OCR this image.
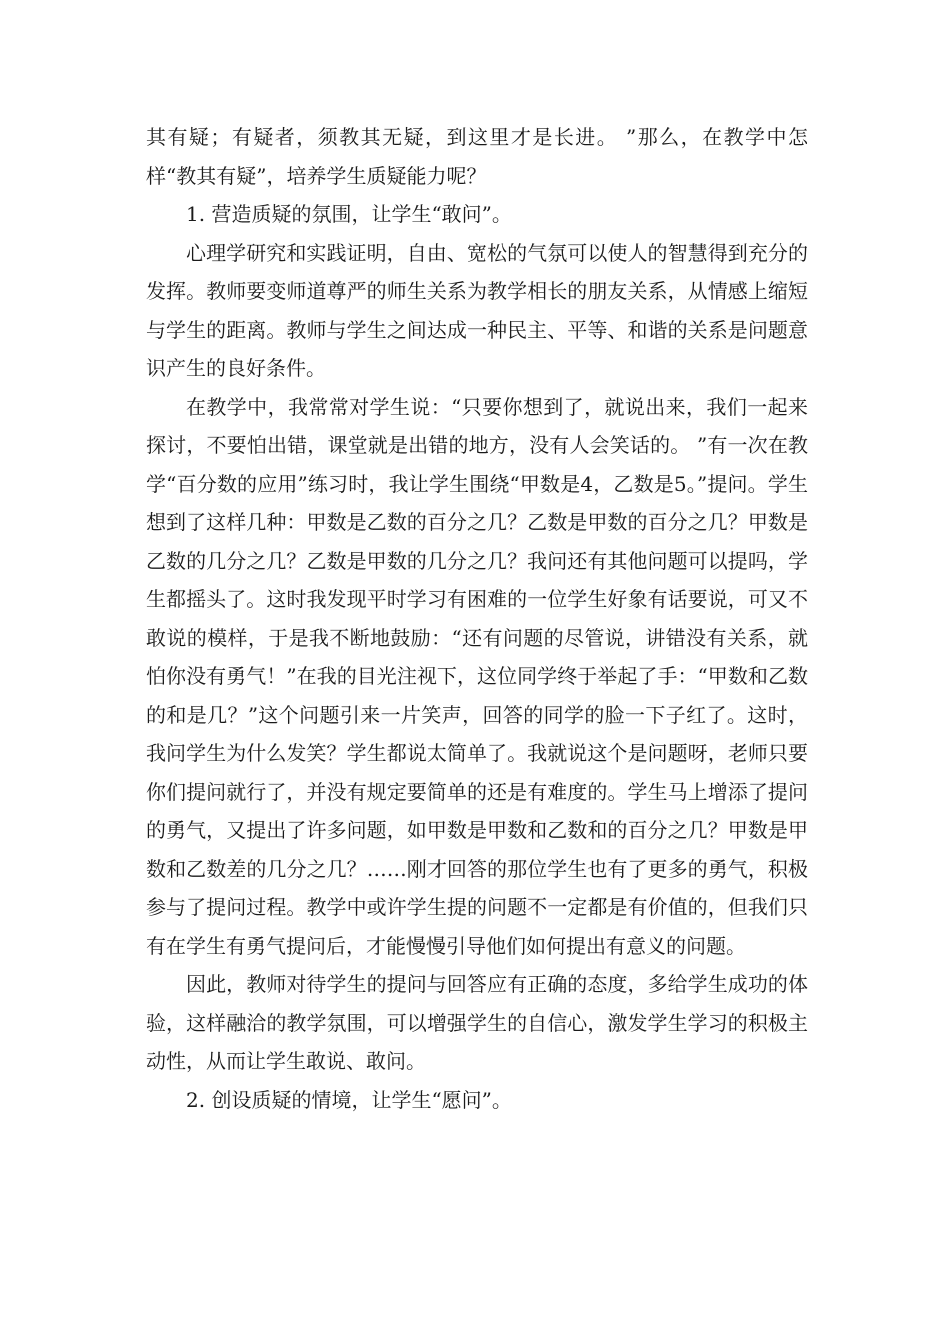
其有疑；有疑者，须教其无疑，到这里才是长进。 ”那么，在教学中怎样“教其有疑”，培养学生质疑能力呢？

1. 营造质疑的氛围，让学生“敢问”。

心理学研究和实践证明，自由、宽松的气氛可以使人的智慧得到充分的发挥。教师要变师道尊严的师生关系为教学相长的朋友关系，从情感上缩短与学生的距离。教师与学生之间达成一种民主、平等、和谐的关系是问题意识产生的良好条件。

在教学中，我常常对学生说：“只要你想到了，就说出来，我们一起来探讨，不要怕出错，课堂就是出错的地方，没有人会笑话的。 ”有一次在教学“百分数的应用”练习时，我让学生围绕“甲数是4，乙数是5。”提问。学生想到了这样几种：甲数是乙数的百分之几？乙数是甲数的百分之几？甲数是乙数的几分之几？乙数是甲数的几分之几？我问还有其他问题可以提吗，学生都摇头了。这时我发现平时学习有困难的一位学生好象有话要说，可又不敢说的模样，于是我不断地鼓励：“还有问题的尽管说，讲错没有关系，就怕你没有勇气！”在我的目光注视下，这位同学终于举起了手：“甲数和乙数的和是几？”这个问题引来一片笑声，回答的同学的脸一下子红了。这时，我问学生为什么发笑？学生都说太简单了。我就说这个是问题呀，老师只要你们提问就行了，并没有规定要简单的还是有难度的。学生马上增添了提问的勇气，又提出了许多问题，如甲数是甲数和乙数和的百分之几？甲数是甲数和乙数差的几分之几？……刚才回答的那位学生也有了更多的勇气，积极参与了提问过程。教学中或许学生提的问题不一定都是有价值的，但我们只有在学生有勇气提问后，才能慢慢引导他们如何提出有意义的问题。

因此，教师对待学生的提问与回答应有正确的态度，多给学生成功的体验，这样融洽的教学氛围，可以增强学生的自信心，激发学生学习的积极主动性，从而让学生敢说、敢问。

2. 创设质疑的情境，让学生“愿问”。
